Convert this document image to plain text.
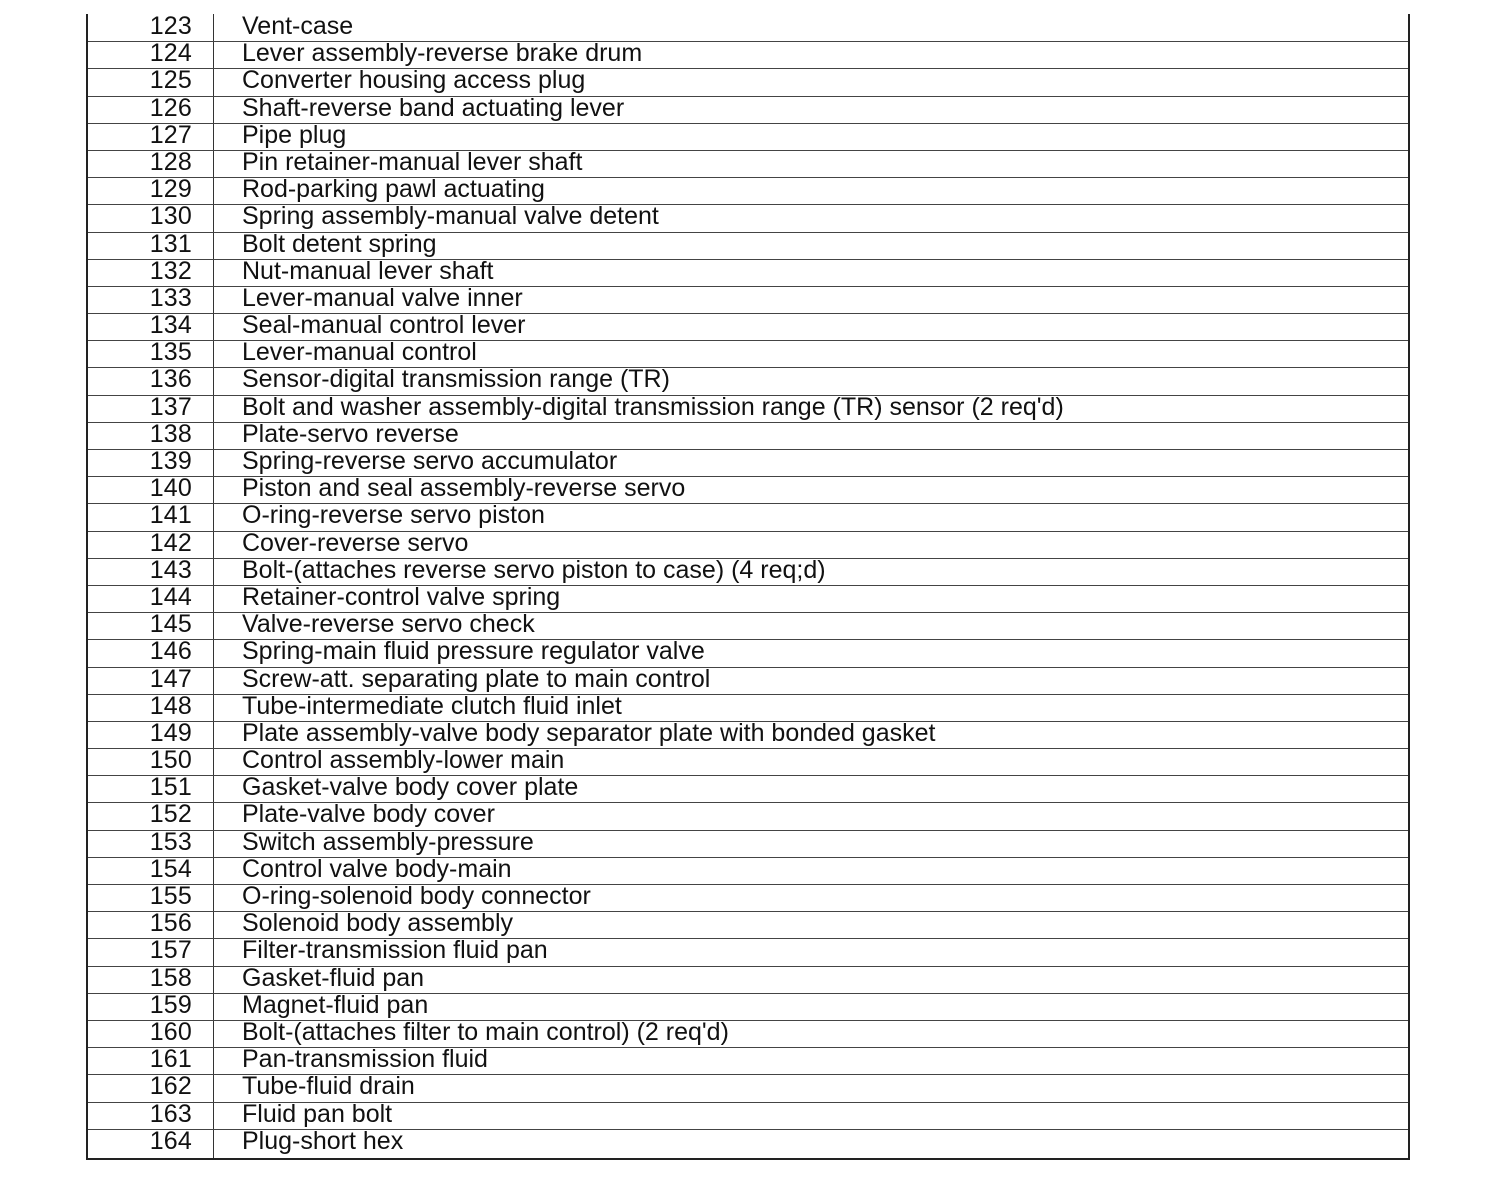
123 Vent-case
124 Lever assembly-reverse brake drum
125 Converter housing access plug
126 Shaft-reverse band actuating lever
127 Pipe plug
128 Pin retainer-manual lever shaft
129 Rod-parking pawl actuating
130 Spring assembly-manual valve detent
131 Bolt detent spring
132 Nut-manual lever shaft
133 Lever-manual valve inner
134 Seal-manual control lever
135 Lever-manual control
136 Sensor-digital transmission range (TR)
137 Bolt and washer assembly-digital transmission range (TR) sensor (2 req'd)
138 Plate-servo reverse
139 Spring-reverse servo accumulator
140 Piston and seal assembly-reverse servo
141 O-ring-reverse servo piston
142 Cover-reverse servo
143 Bolt-(attaches reverse servo piston to case) (4 req;d)
144 Retainer-control valve spring
145 Valve-reverse servo check
146 Spring-main fluid pressure regulator valve
147 Screw-att. separating plate to main control
148 Tube-intermediate clutch fluid inlet
149 Plate assembly-valve body separator plate with bonded gasket
150 Control assembly-lower main
151 Gasket-valve body cover plate
152 Plate-valve body cover
153 Switch assembly-pressure
154 Control valve body-main
155 O-ring-solenoid body connector
156 Solenoid body assembly
157 Filter-transmission fluid pan
158 Gasket-fluid pan
159 Magnet-fluid pan
160 Bolt-(attaches filter to main control) (2 req'd)
161 Pan-transmission fluid
162 Tube-fluid drain
163 Fluid pan bolt
164 Plug-short hex
